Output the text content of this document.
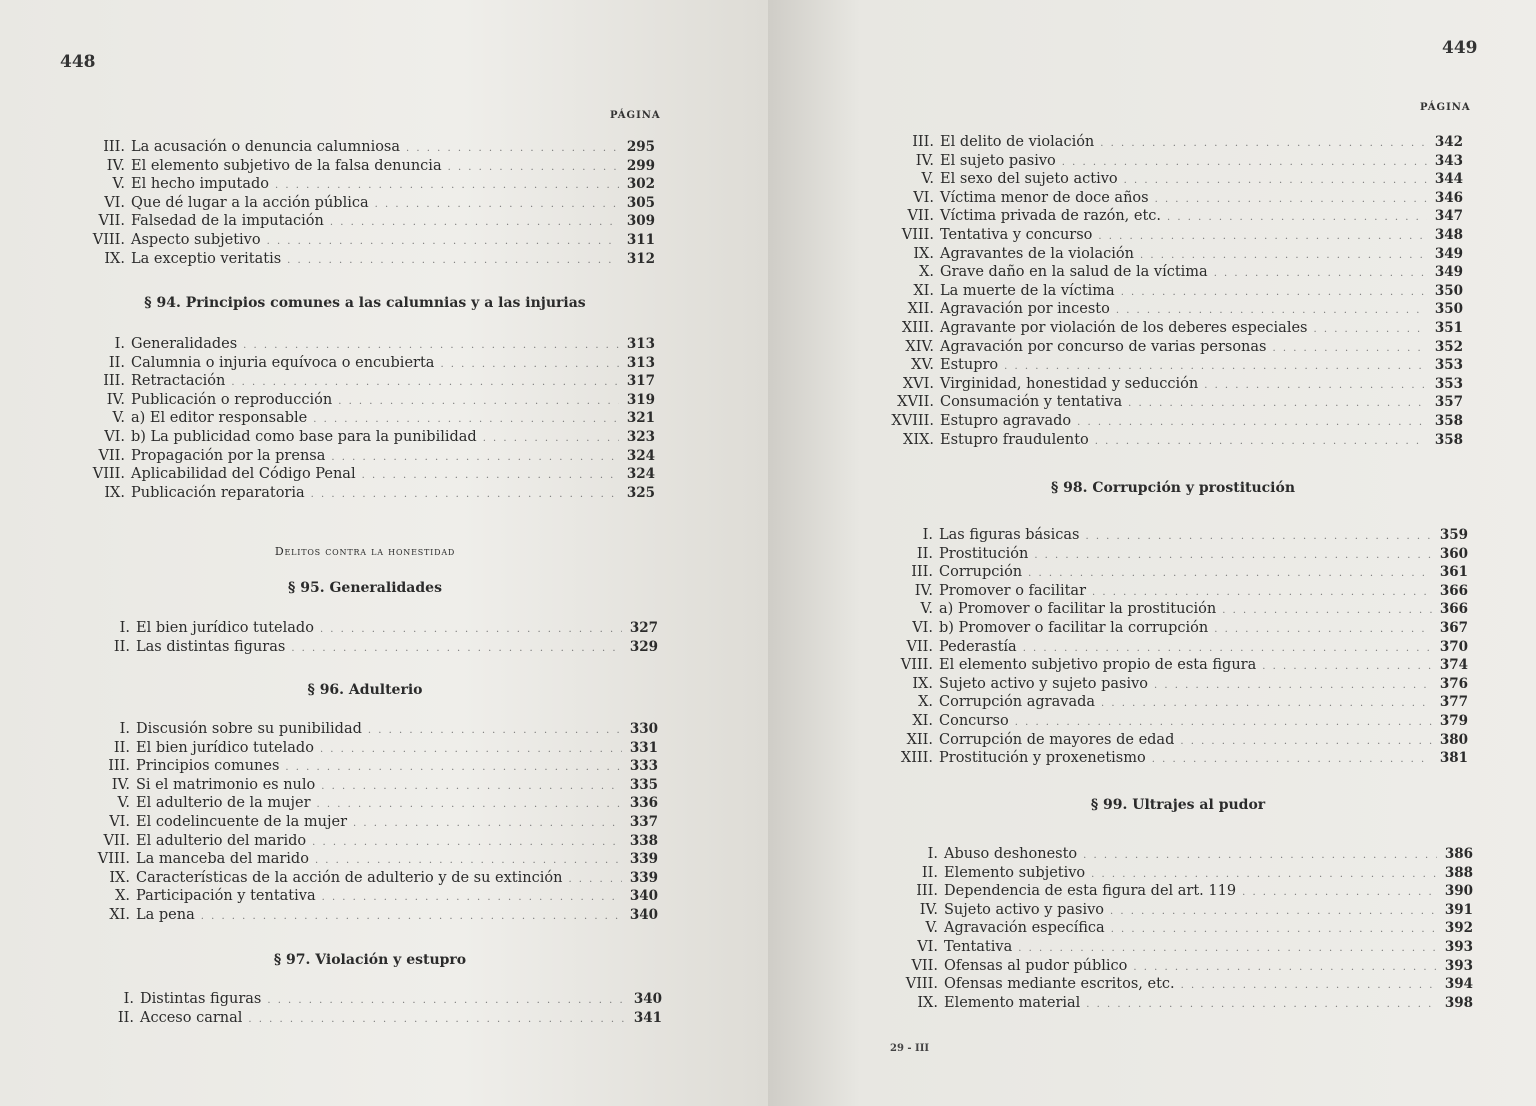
448
PÁGINA
III. La acusación o denuncia calumniosa . . .	295
IV. El elemento subjetivo de la falsa denuncia . . .	299
V. El hecho imputado . . .	302
VI. Que dé lugar a la acción pública . . .	305
VII. Falsedad de la imputación . . .	309
VIII. Aspecto subjetivo . . .	311
IX. La exceptio veritatis . . .	312
§ 94. Principios comunes a las calumnias y a las injurias
I. Generalidades . . .	313
II. Calumnia o injuria equívoca o encubierta . . .	313
III. Retractación . . .	317
IV. Publicación o reproducción . . .	319
V. a) El editor responsable . . .	321
VI. b) La publicidad como base para la punibilidad . . .	323
VII. Propagación por la prensa . . .	324
VIII. Aplicabilidad del Código Penal . . .	324
IX. Publicación reparatoria . . .	325
Delitos contra la honestidad
§ 95. Generalidades
I. El bien jurídico tutelado . . .	327
II. Las distintas figuras . . .	329
§ 96. Adulterio
I. Discusión sobre su punibilidad . . .	330
II. El bien jurídico tutelado . . .	331
III. Principios comunes . . .	333
IV. Si el matrimonio es nulo . . .	335
V. El adulterio de la mujer . . .	336
VI. El codelincuente de la mujer . . .	337
VII. El adulterio del marido . . .	338
VIII. La manceba del marido . . .	339
IX. Características de la acción de adulterio y de su extinción . . .	339
X. Participación y tentativa . . .	340
XI. La pena . . .	340
§ 97. Violación y estupro
I. Distintas figuras . . .	340
II. Acceso carnal . . .	341
449
PÁGINA
III. El delito de violación . . .	342
IV. El sujeto pasivo . . .	343
V. El sexo del sujeto activo . . .	344
VI. Víctima menor de doce años . . .	346
VII. Víctima privada de razón, etc. . . .	347
VIII. Tentativa y concurso . . .	348
IX. Agravantes de la violación . . .	349
X. Grave daño en la salud de la víctima . . .	349
XI. La muerte de la víctima . . .	350
XII. Agravación por incesto . . .	350
XIII. Agravante por violación de los deberes especiales . . .	351
XIV. Agravación por concurso de varias personas . . .	352
XV. Estupro . . .	353
XVI. Virginidad, honestidad y seducción . . .	353
XVII. Consumación y tentativa . . .	357
XVIII. Estupro agravado . . .	358
XIX. Estupro fraudulento . . .	358
§ 98. Corrupción y prostitución
I. Las figuras básicas . . .	359
II. Prostitución . . .	360
III. Corrupción . . .	361
IV. Promover o facilitar . . .	366
V. a) Promover o facilitar la prostitución . . .	366
VI. b) Promover o facilitar la corrupción . . .	367
VII. Pederastía . . .	370
VIII. El elemento subjetivo propio de esta figura . . .	374
IX. Sujeto activo y sujeto pasivo . . .	376
X. Corrupción agravada . . .	377
XI. Concurso . . .	379
XII. Corrupción de mayores de edad . . .	380
XIII. Prostitución y proxenetismo . . .	381
§ 99. Ultrajes al pudor
I. Abuso deshonesto . . .	386
II. Elemento subjetivo . . .	388
III. Dependencia de esta figura del art. 119 . . .	390
IV. Sujeto activo y pasivo . . .	391
V. Agravación específica . . .	392
VI. Tentativa . . .	393
VII. Ofensas al pudor público . . .	393
VIII. Ofensas mediante escritos, etc. . . .	394
IX. Elemento material . . .	398
29 - III
